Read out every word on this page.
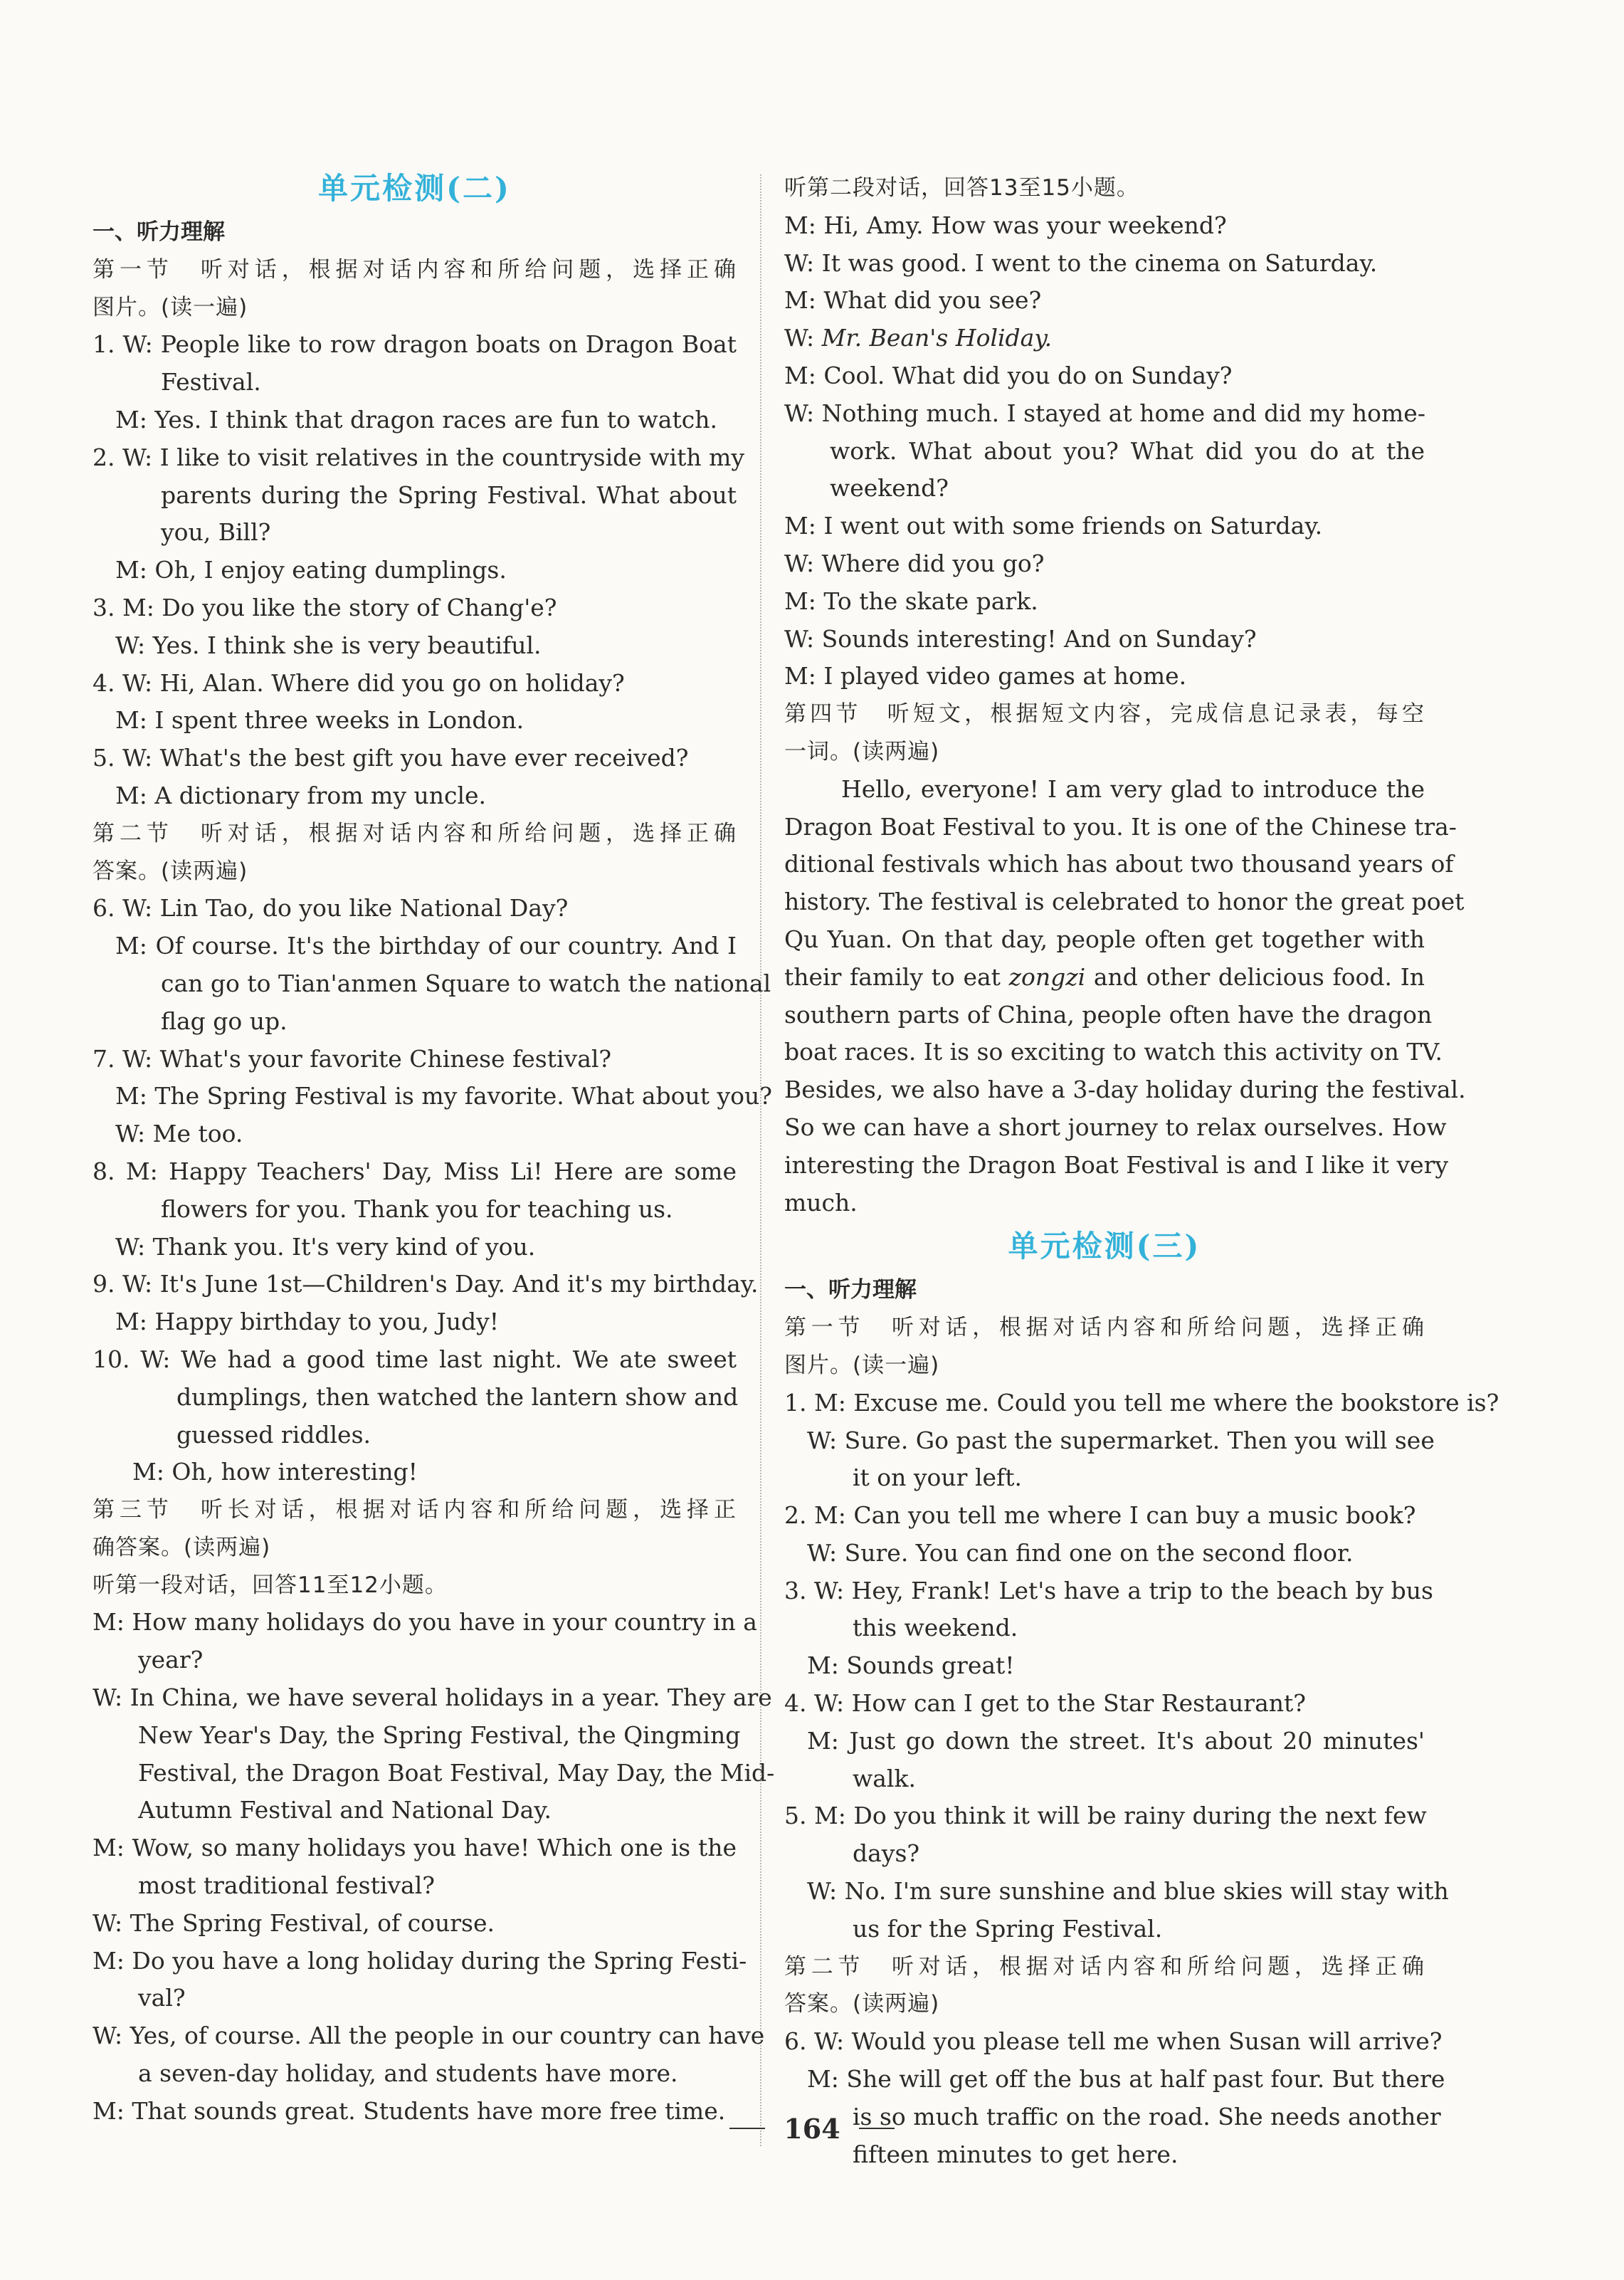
单元检测(二)
一、听力理解
第一节　听对话，根据对话内容和所给问题，选择正确
图片。(读一遍)
1. W: People like to row dragon boats on Dragon Boat
Festival.
M: Yes. I think that dragon races are fun to watch.
2. W: I like to visit relatives in the countryside with my
parents during the Spring Festival. What about
you, Bill?
M: Oh, I enjoy eating dumplings.
3. M: Do you like the story of Chang'e?
W: Yes. I think she is very beautiful.
4. W: Hi, Alan. Where did you go on holiday?
M: I spent three weeks in London.
5. W: What's the best gift you have ever received?
M: A dictionary from my uncle.
第二节　听对话，根据对话内容和所给问题，选择正确
答案。(读两遍)
6. W: Lin Tao, do you like National Day?
M: Of course. It's the birthday of our country. And I
can go to Tian'anmen Square to watch the national
flag go up.
7. W: What's your favorite Chinese festival?
M: The Spring Festival is my favorite. What about you?
W: Me too.
8. M: Happy Teachers' Day, Miss Li! Here are some
flowers for you. Thank you for teaching us.
W: Thank you. It's very kind of you.
9. W: It's June 1st—Children's Day. And it's my birthday.
M: Happy birthday to you, Judy!
10. W: We had a good time last night. We ate sweet
dumplings, then watched the lantern show and
guessed riddles.
M: Oh, how interesting!
第三节　听长对话，根据对话内容和所给问题，选择正
确答案。(读两遍)
听第一段对话，回答11至12小题。
M: How many holidays do you have in your country in a
year?
W: In China, we have several holidays in a year. They are
New Year's Day, the Spring Festival, the Qingming
Festival, the Dragon Boat Festival, May Day, the Mid-
Autumn Festival and National Day.
M: Wow, so many holidays you have! Which one is the
most traditional festival?
W: The Spring Festival, of course.
M: Do you have a long holiday during the Spring Festi-
val?
W: Yes, of course. All the people in our country can have
a seven-day holiday, and students have more.
M: That sounds great. Students have more free time.
听第二段对话，回答13至15小题。
M: Hi, Amy. How was your weekend?
W: It was good. I went to the cinema on Saturday.
M: What did you see?
W: Mr. Bean's Holiday.
M: Cool. What did you do on Sunday?
W: Nothing much. I stayed at home and did my home-
work. What about you? What did you do at the
weekend?
M: I went out with some friends on Saturday.
W: Where did you go?
M: To the skate park.
W: Sounds interesting! And on Sunday?
M: I played video games at home.
第四节　听短文，根据短文内容，完成信息记录表，每空
一词。(读两遍)
Hello, everyone! I am very glad to introduce the
Dragon Boat Festival to you. It is one of the Chinese tra-
ditional festivals which has about two thousand years of
history. The festival is celebrated to honor the great poet
Qu Yuan. On that day, people often get together with
their family to eat zongzi and other delicious food. In
southern parts of China, people often have the dragon
boat races. It is so exciting to watch this activity on TV.
Besides, we also have a 3-day holiday during the festival.
So we can have a short journey to relax ourselves. How
interesting the Dragon Boat Festival is and I like it very
much.
单元检测(三)
一、听力理解
第一节　听对话，根据对话内容和所给问题，选择正确
图片。(读一遍)
1. M: Excuse me. Could you tell me where the bookstore is?
W: Sure. Go past the supermarket. Then you will see
it on your left.
2. M: Can you tell me where I can buy a music book?
W: Sure. You can find one on the second floor.
3. W: Hey, Frank! Let's have a trip to the beach by bus
this weekend.
M: Sounds great!
4. W: How can I get to the Star Restaurant?
M: Just go down the street. It's about 20 minutes'
walk.
5. M: Do you think it will be rainy during the next few
days?
W: No. I'm sure sunshine and blue skies will stay with
us for the Spring Festival.
第二节　听对话，根据对话内容和所给问题，选择正确
答案。(读两遍)
6. W: Would you please tell me when Susan will arrive?
M: She will get off the bus at half past four. But there
is so much traffic on the road. She needs another
fifteen minutes to get here.
164
